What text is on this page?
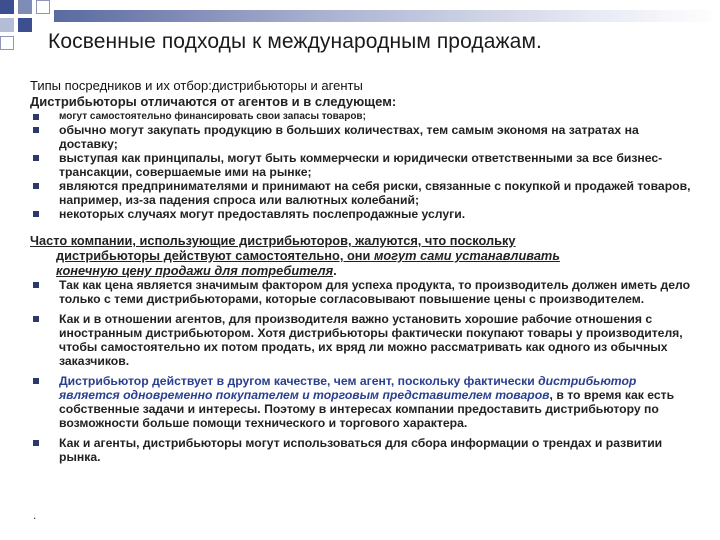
Косвенные подходы к международным продажам.
Типы посредников и их отбор:дистрибьюторы и агенты
Дистрибьюторы отличаются от агентов и в следующем:
могут самостоятельно финансировать свои запасы товаров;
обычно могут закупать продукцию в больших количествах, тем самым экономя на затратах на доставку;
выступая как принципалы, могут быть коммерчески и юридически ответственными за все бизнес-трансакции, совершаемые ими на рынке;
являются предпринимателями и принимают на себя риски, связанные с покупкой и продажей товаров, например, из-за падения спроса или валютных колебаний;
некоторых случаях могут предоставлять послепродажные услуги.
Часто компании, использующие дистрибьюторов, жалуются, что поскольку
дистрибьюторы действуют самостоятельно, они могут сами устанавливать
конечную цену продажи для потребителя.
Так как цена является значимым фактором для успеха продукта, то производитель должен иметь дело только с теми дистрибьюторами, которые согласовывают повышение цены с производителем.
Как и в отношении агентов, для производителя важно установить хорошие рабочие отношения с иностранным дистрибьютором. Хотя дистрибьюторы фактически покупают товары у производителя, чтобы самостоятельно их потом продать, их вряд ли можно рассматривать как одного из обычных заказчиков.
Дистрибьютор действует в другом качестве, чем агент, поскольку фактически дистрибьютор является одновременно покупателем и торговым представителем товаров, в то время как есть собственные задачи и интересы. Поэтому в интересах компании предоставить дистрибьютору по возможности больше помощи технического и торгового характера.
Как и агенты, дистрибьюторы могут использоваться для сбора информации о трендах и развитии рынка.
.
